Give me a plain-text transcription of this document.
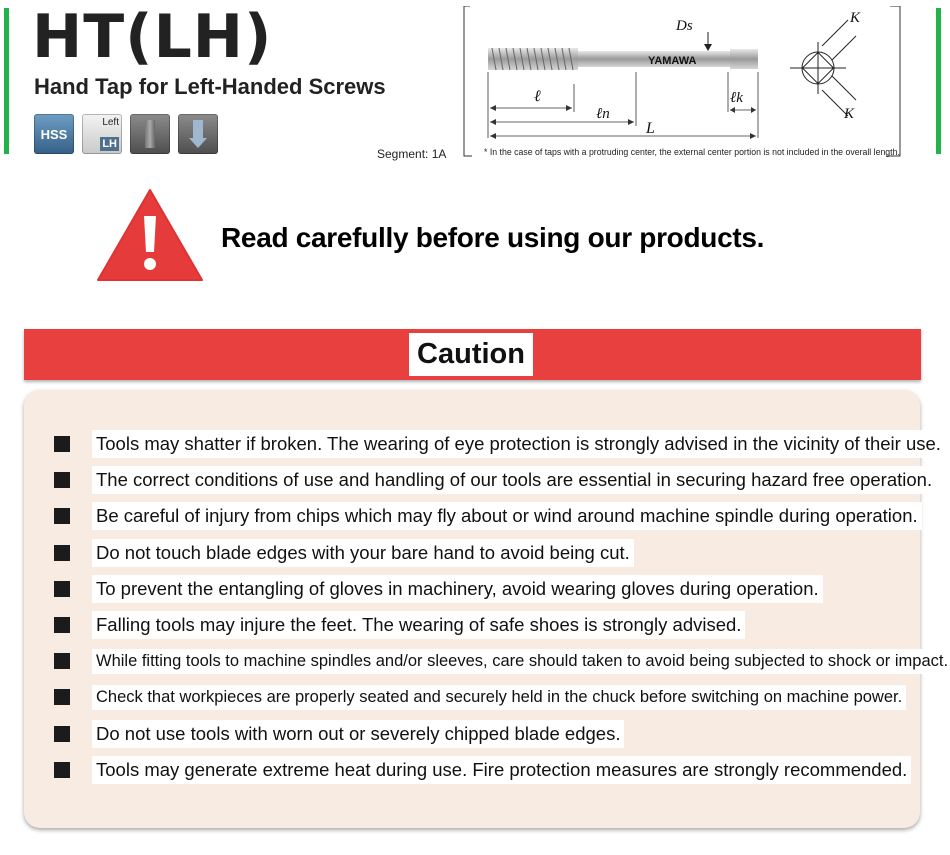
HT(LH)
Hand Tap for Left-Handed Screws
HSS
Left
LH
Segment: 1A
YAMAWA
Ds
ℓ
ℓn
L
ℓk
K
K
* In the case of taps with a protruding center, the external center portion is not included in the overall length.
Read carefully before using our products.
Caution
Tools may shatter if broken. The wearing of eye protection is strongly advised in the vicinity of their use.
The correct conditions of use and handling of our tools are essential in securing hazard free operation.
Be careful of injury from chips which may fly about or wind around machine spindle during operation.
Do not touch blade edges with your bare hand to avoid being cut.
To prevent the entangling of gloves in machinery, avoid wearing gloves during operation.
Falling tools may injure the feet. The wearing of safe shoes is strongly advised.
While fitting tools to machine spindles and/or sleeves, care should taken to avoid being subjected to shock or impact.
Check that workpieces are properly seated and securely held in the chuck before switching on machine power.
Do not use tools with worn out or severely chipped blade edges.
Tools may generate extreme heat during use. Fire protection measures are strongly recommended.
